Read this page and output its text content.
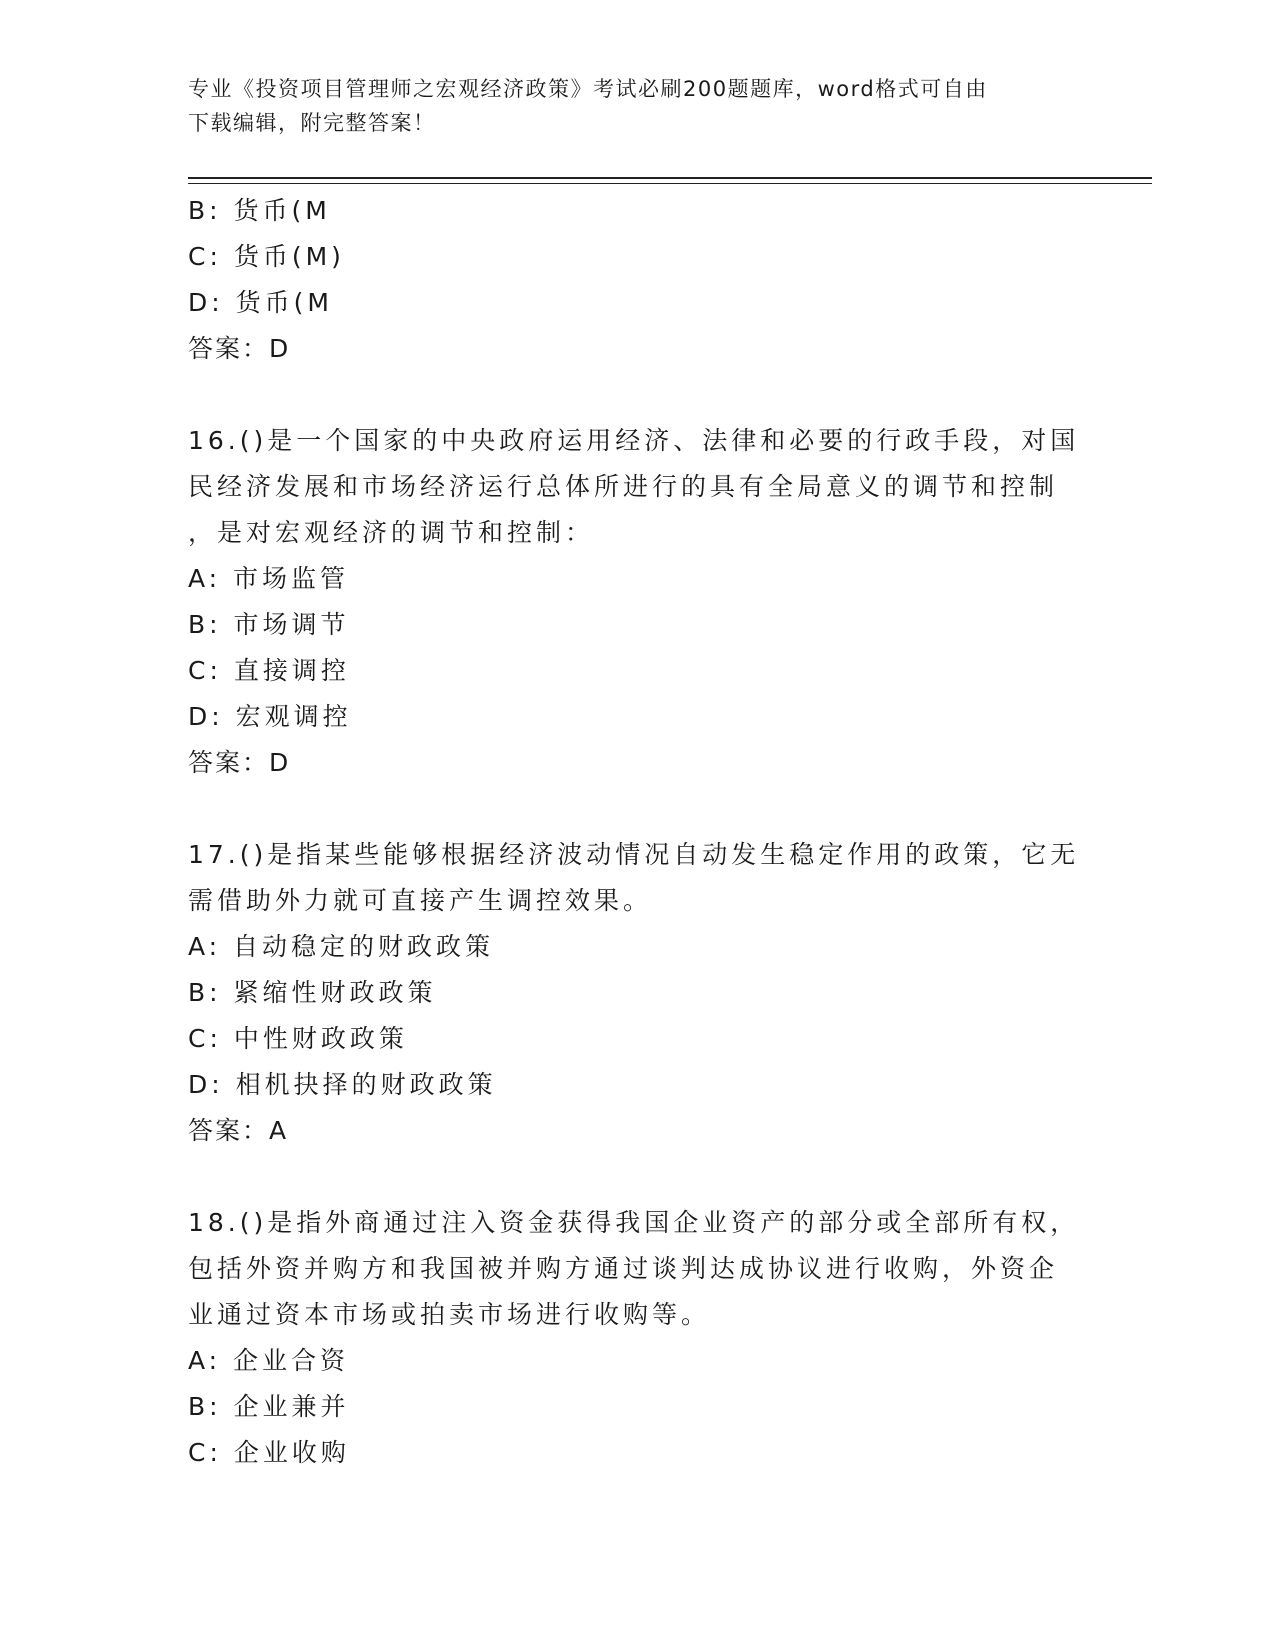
专业《投资项目管理师之宏观经济政策》考试必刷200题题库，word格式可自由
下载编辑，附完整答案！
B: 货币(M
C: 货币(M)
D: 货币(M
答案：D
16.()是一个国家的中央政府运用经济、法律和必要的行政手段，对国
民经济发展和市场经济运行总体所进行的具有全局意义的调节和控制
，是对宏观经济的调节和控制：
A: 市场监管
B: 市场调节
C: 直接调控
D: 宏观调控
答案：D
17.()是指某些能够根据经济波动情况自动发生稳定作用的政策，它无
需借助外力就可直接产生调控效果。
A: 自动稳定的财政政策
B: 紧缩性财政政策
C: 中性财政政策
D: 相机抉择的财政政策
答案：A
18.()是指外商通过注入资金获得我国企业资产的部分或全部所有权，
包括外资并购方和我国被并购方通过谈判达成协议进行收购，外资企
业通过资本市场或拍卖市场进行收购等。
A: 企业合资
B: 企业兼并
C: 企业收购
